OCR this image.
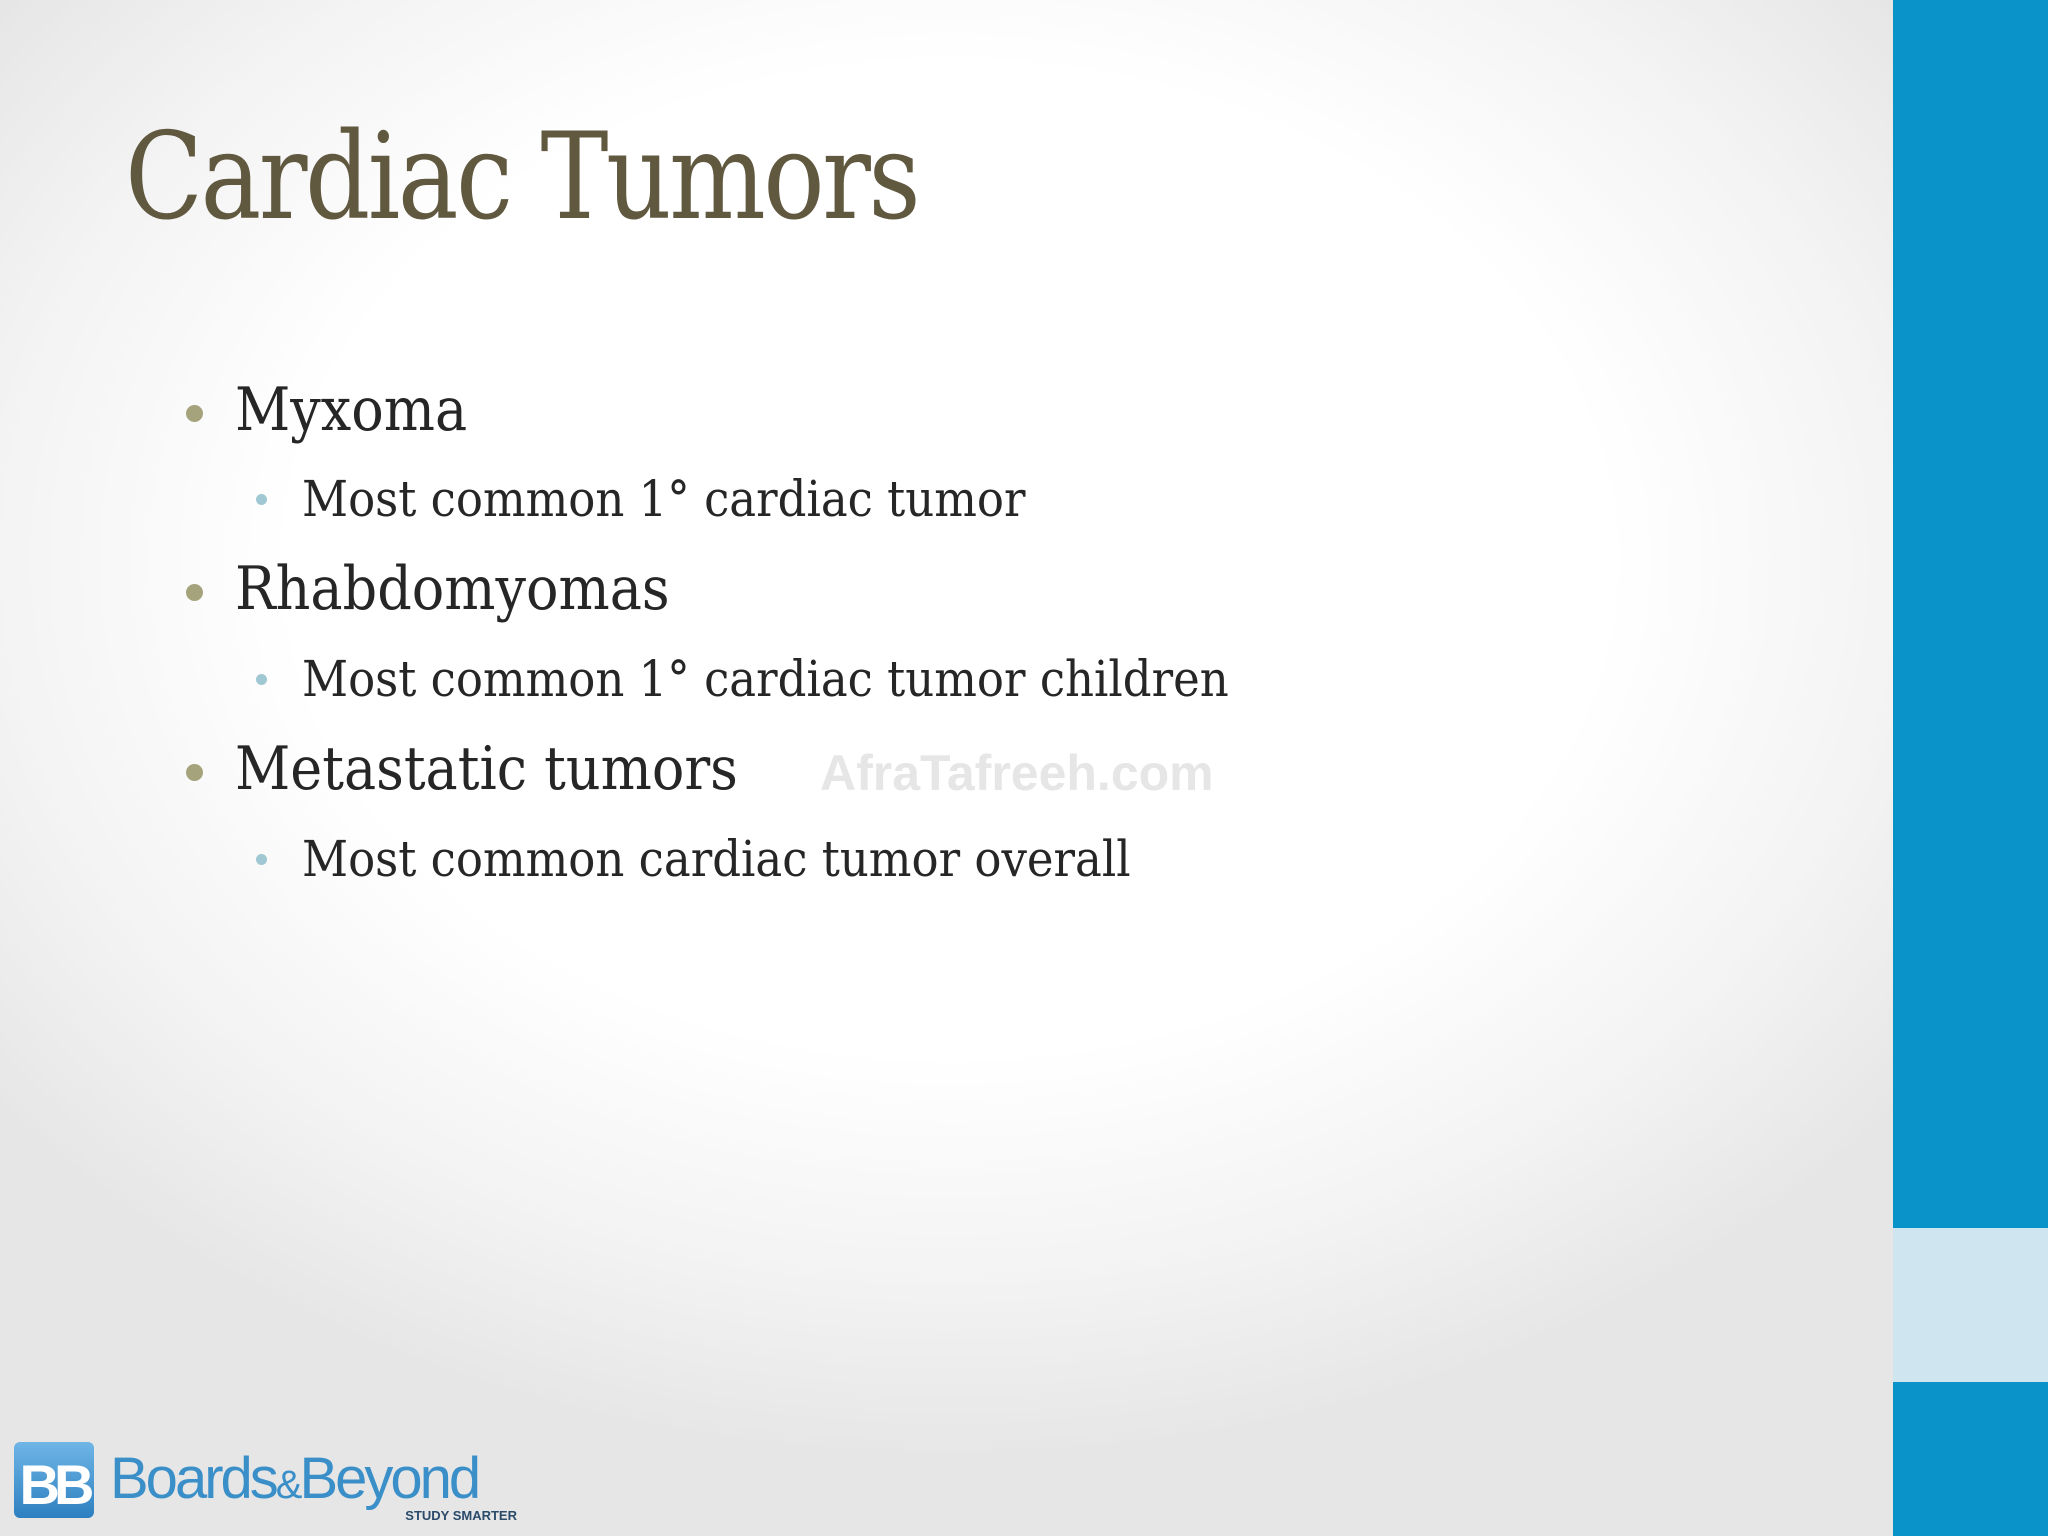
Cardiac Tumors
Myxoma
Most common 1° cardiac tumor
Rhabdomyomas
Most common 1° cardiac tumor children
Metastatic tumors
Most common cardiac tumor overall
AfraTafreeh.com
BB Boards&Beyond
STUDY SMARTER
